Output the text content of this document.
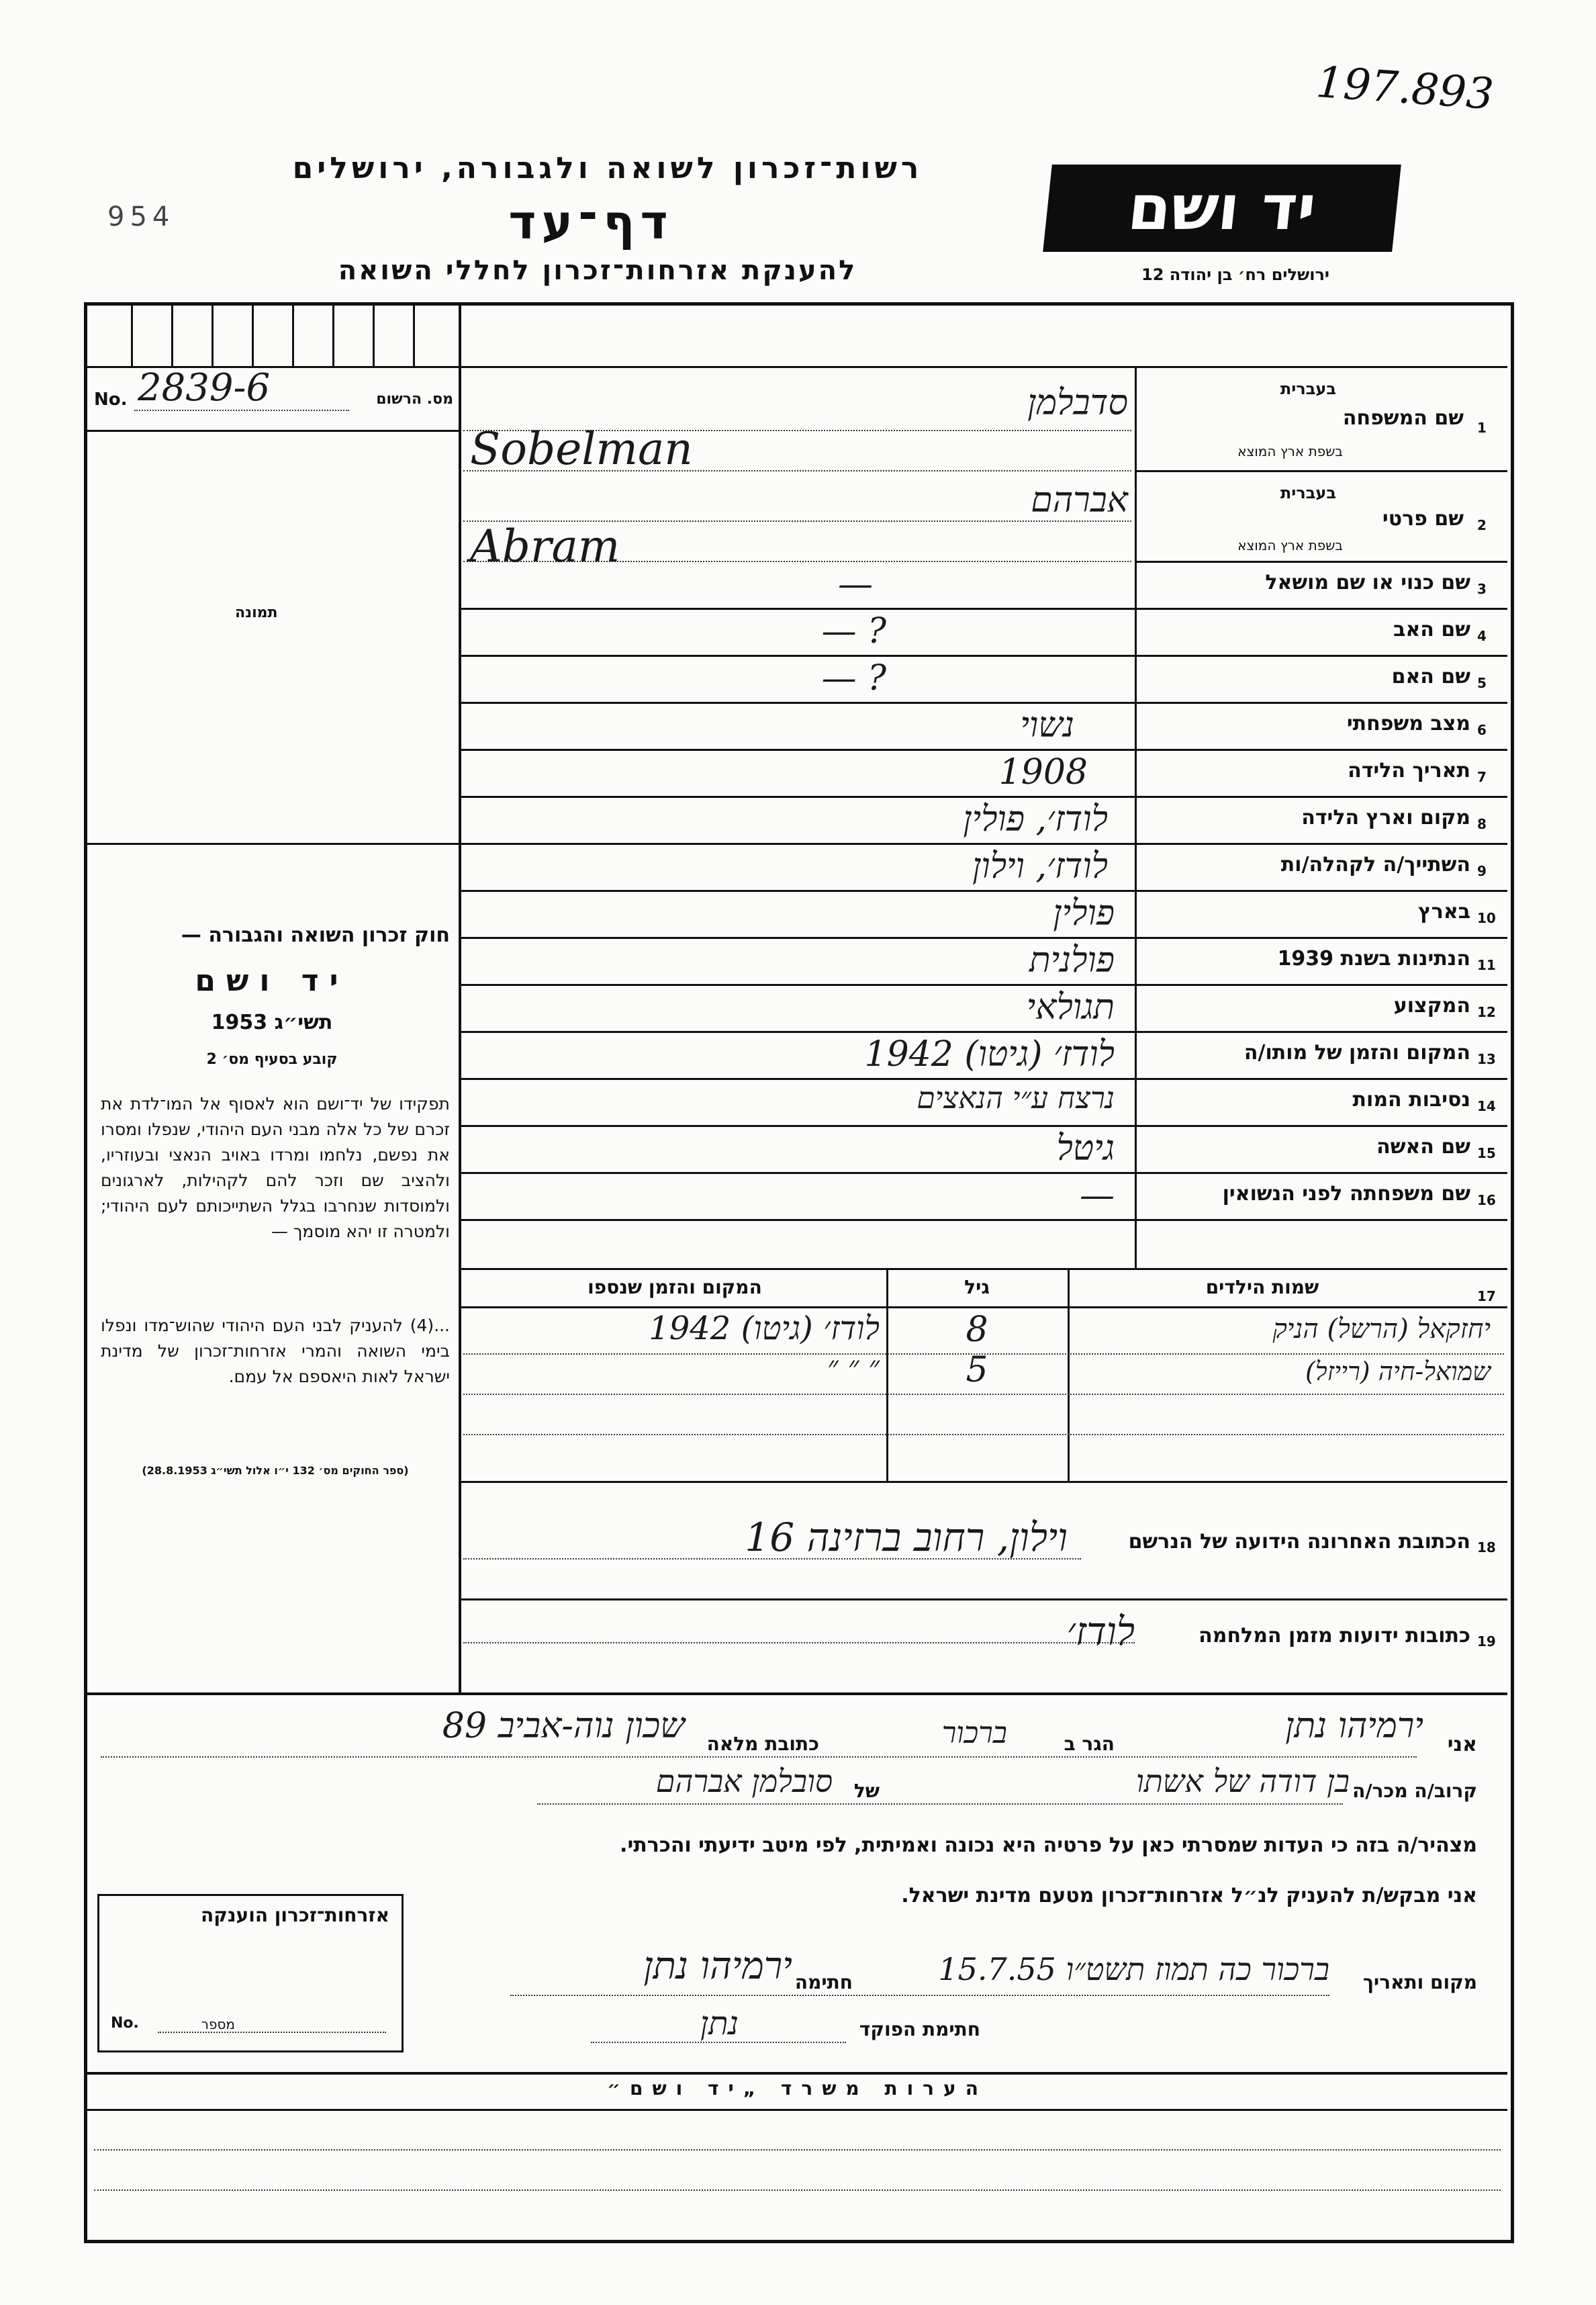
197.893
954
רשות־זכרון לשואה ולגבורה, ירושלים
דף־עד
להענקת אזרחות־זכרון לחללי השואה
יד ושם
ירושלים רח׳ בן יהודה 12
No. 2839-6	מס. הרשום
תמונה
חוק זכרון השואה והגבורה —
יד ושם
תשי״ג 1953
קובע בסעיף מס׳ 2
תפקידו של יד־ושם הוא לאסוף אל המו־לדת את זכרם של כל אלה מבני העם היהודי, שנפלו ומסרו את נפשם, נלחמו ומרדו באויב הנאצי ובעוזריו, ולהציב שם וזכר להם לקהילות, לארגונים ולמוסדות שנחרבו בגלל השתייכותם לעם היהודי; ולמטרה זו יהא מוסמך —
...(4) להעניק לבני העם היהודי שהוש־מדו ונפלו בימי השואה והמרי אזרחות־זכרון של מדינת ישראל לאות היאספם אל עמם.
(ספר החוקים מס׳ 132 י״ו אלול תשי״ג 28.8.1953)
1
שם המשפחה
בעברית
בשפת ארץ המוצא
סדבלמן
Sobelman
2
שם פרטי
בעברית
בשפת ארץ המוצא
אברהם
Abram
3
שם כנוי או שם מושאל
—
4
שם האב
? —
5
שם האם
? —
6
מצב משפחתי
נשוי
7
תאריך הלידה
1908
8
מקום וארץ הלידה
לודז׳, פולין
9
השתייך/ה לקהלה/ות
לודז׳, וילון
10
בארץ
פולין
11
הנתינות בשנת 1939
פולנית
12
המקצוע
תגולאי
13
המקום והזמן של מותו/ה
לודז׳ (גיטו) 1942
14
נסיבות המות
נרצח ע״י הנאצים
15
שם האשה
גיטל
16
שם משפחתה לפני הנשואין
—
17
שמות הילדים
גיל
המקום והזמן שנספו
יחזקאל (הרשל) הניק
8
לודז׳ (גיטו) 1942
שמואל-חיה (רייזל)
5
״ ״ ״
18
הכתובת האחרונה הידועה של הנרשם
וילון, רחוב ברזינה 16
19
כתובות ידועות מזמן המלחמה
לודז׳
אני
ירמיהו נתן
הגר ב
ברכור
כתובת מלאה
שכון נוה-אביב 89
קרוב/ה מכר/ה
בן דודה של אשתו
של
סובלמן אברהם
מצהיר/ה בזה כי העדות שמסרתי כאן על פרטיה היא נכונה ואמיתית, לפי מיטב ידיעתי והכרתי.
אני מבקש/ת להעניק לנ״ל אזרחות־זכרון מטעם מדינת ישראל.
מקום ותאריך
ברכור כה תמוז תשט״ו 15.7.55
חתימה
ירמיהו נתן
חתימת הפוקד
נתן
אזרחות־זכרון הוענקה
No.	מספר
הערות משרד „יד ושם״
